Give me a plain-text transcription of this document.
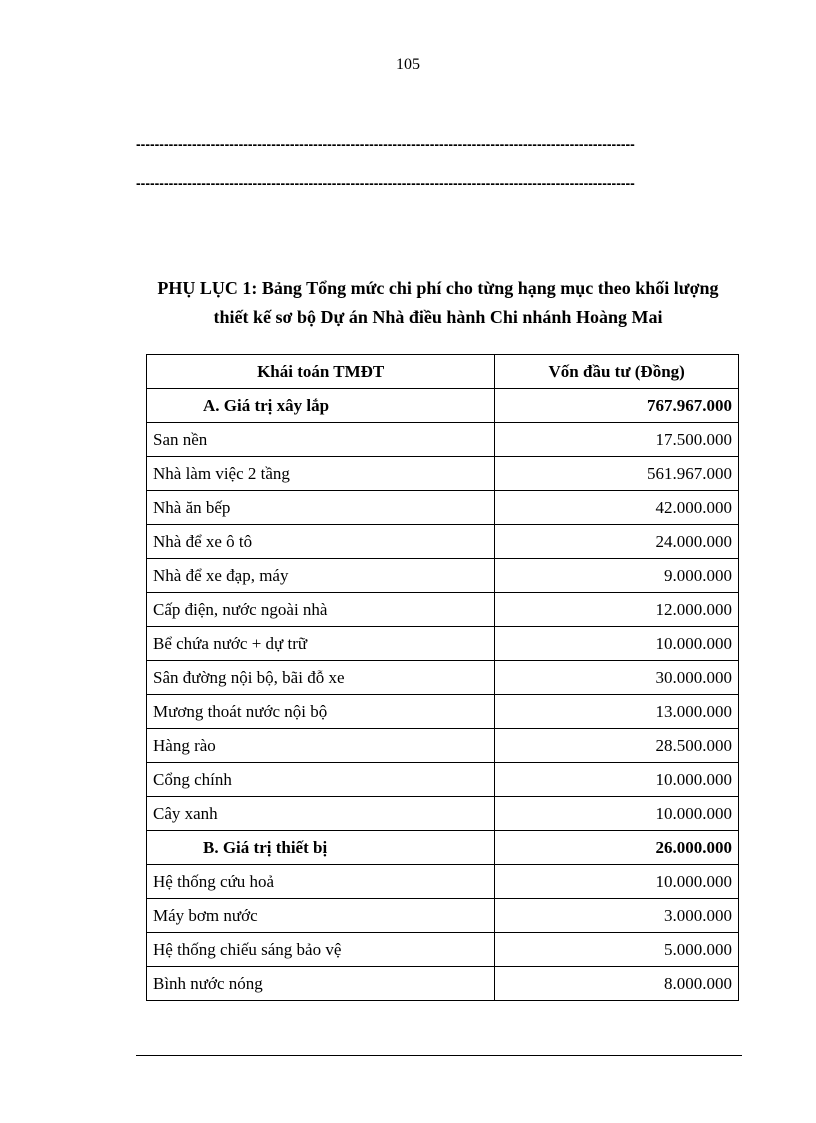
105
-----------------------------------------------------------------------------------------------------------
-----------------------------------------------------------------------------------------------------------
PHỤ LỤC 1: Bảng Tổng mức chi phí cho từng hạng mục theo khối lượng
thiết kế sơ bộ Dự án Nhà điều hành Chi nhánh Hoàng Mai
Khái toán TMĐT	Vốn đầu tư (Đồng)
A. Giá trị xây lắp	767.967.000
San nền	17.500.000
Nhà làm việc 2 tầng	561.967.000
Nhà ăn bếp	42.000.000
Nhà để xe ô tô	24.000.000
Nhà để xe đạp, máy	9.000.000
Cấp điện, nước ngoài nhà	12.000.000
Bể chứa nước + dự trữ	10.000.000
Sân đường nội bộ, bãi đỗ xe	30.000.000
Mương thoát nước nội bộ	13.000.000
Hàng rào	28.500.000
Cổng chính	10.000.000
Cây xanh	10.000.000
B. Giá trị thiết bị	26.000.000
Hệ thống cứu hoả	10.000.000
Máy bơm nước	3.000.000
Hệ thống chiếu sáng bảo vệ	5.000.000
Bình nước nóng	8.000.000
